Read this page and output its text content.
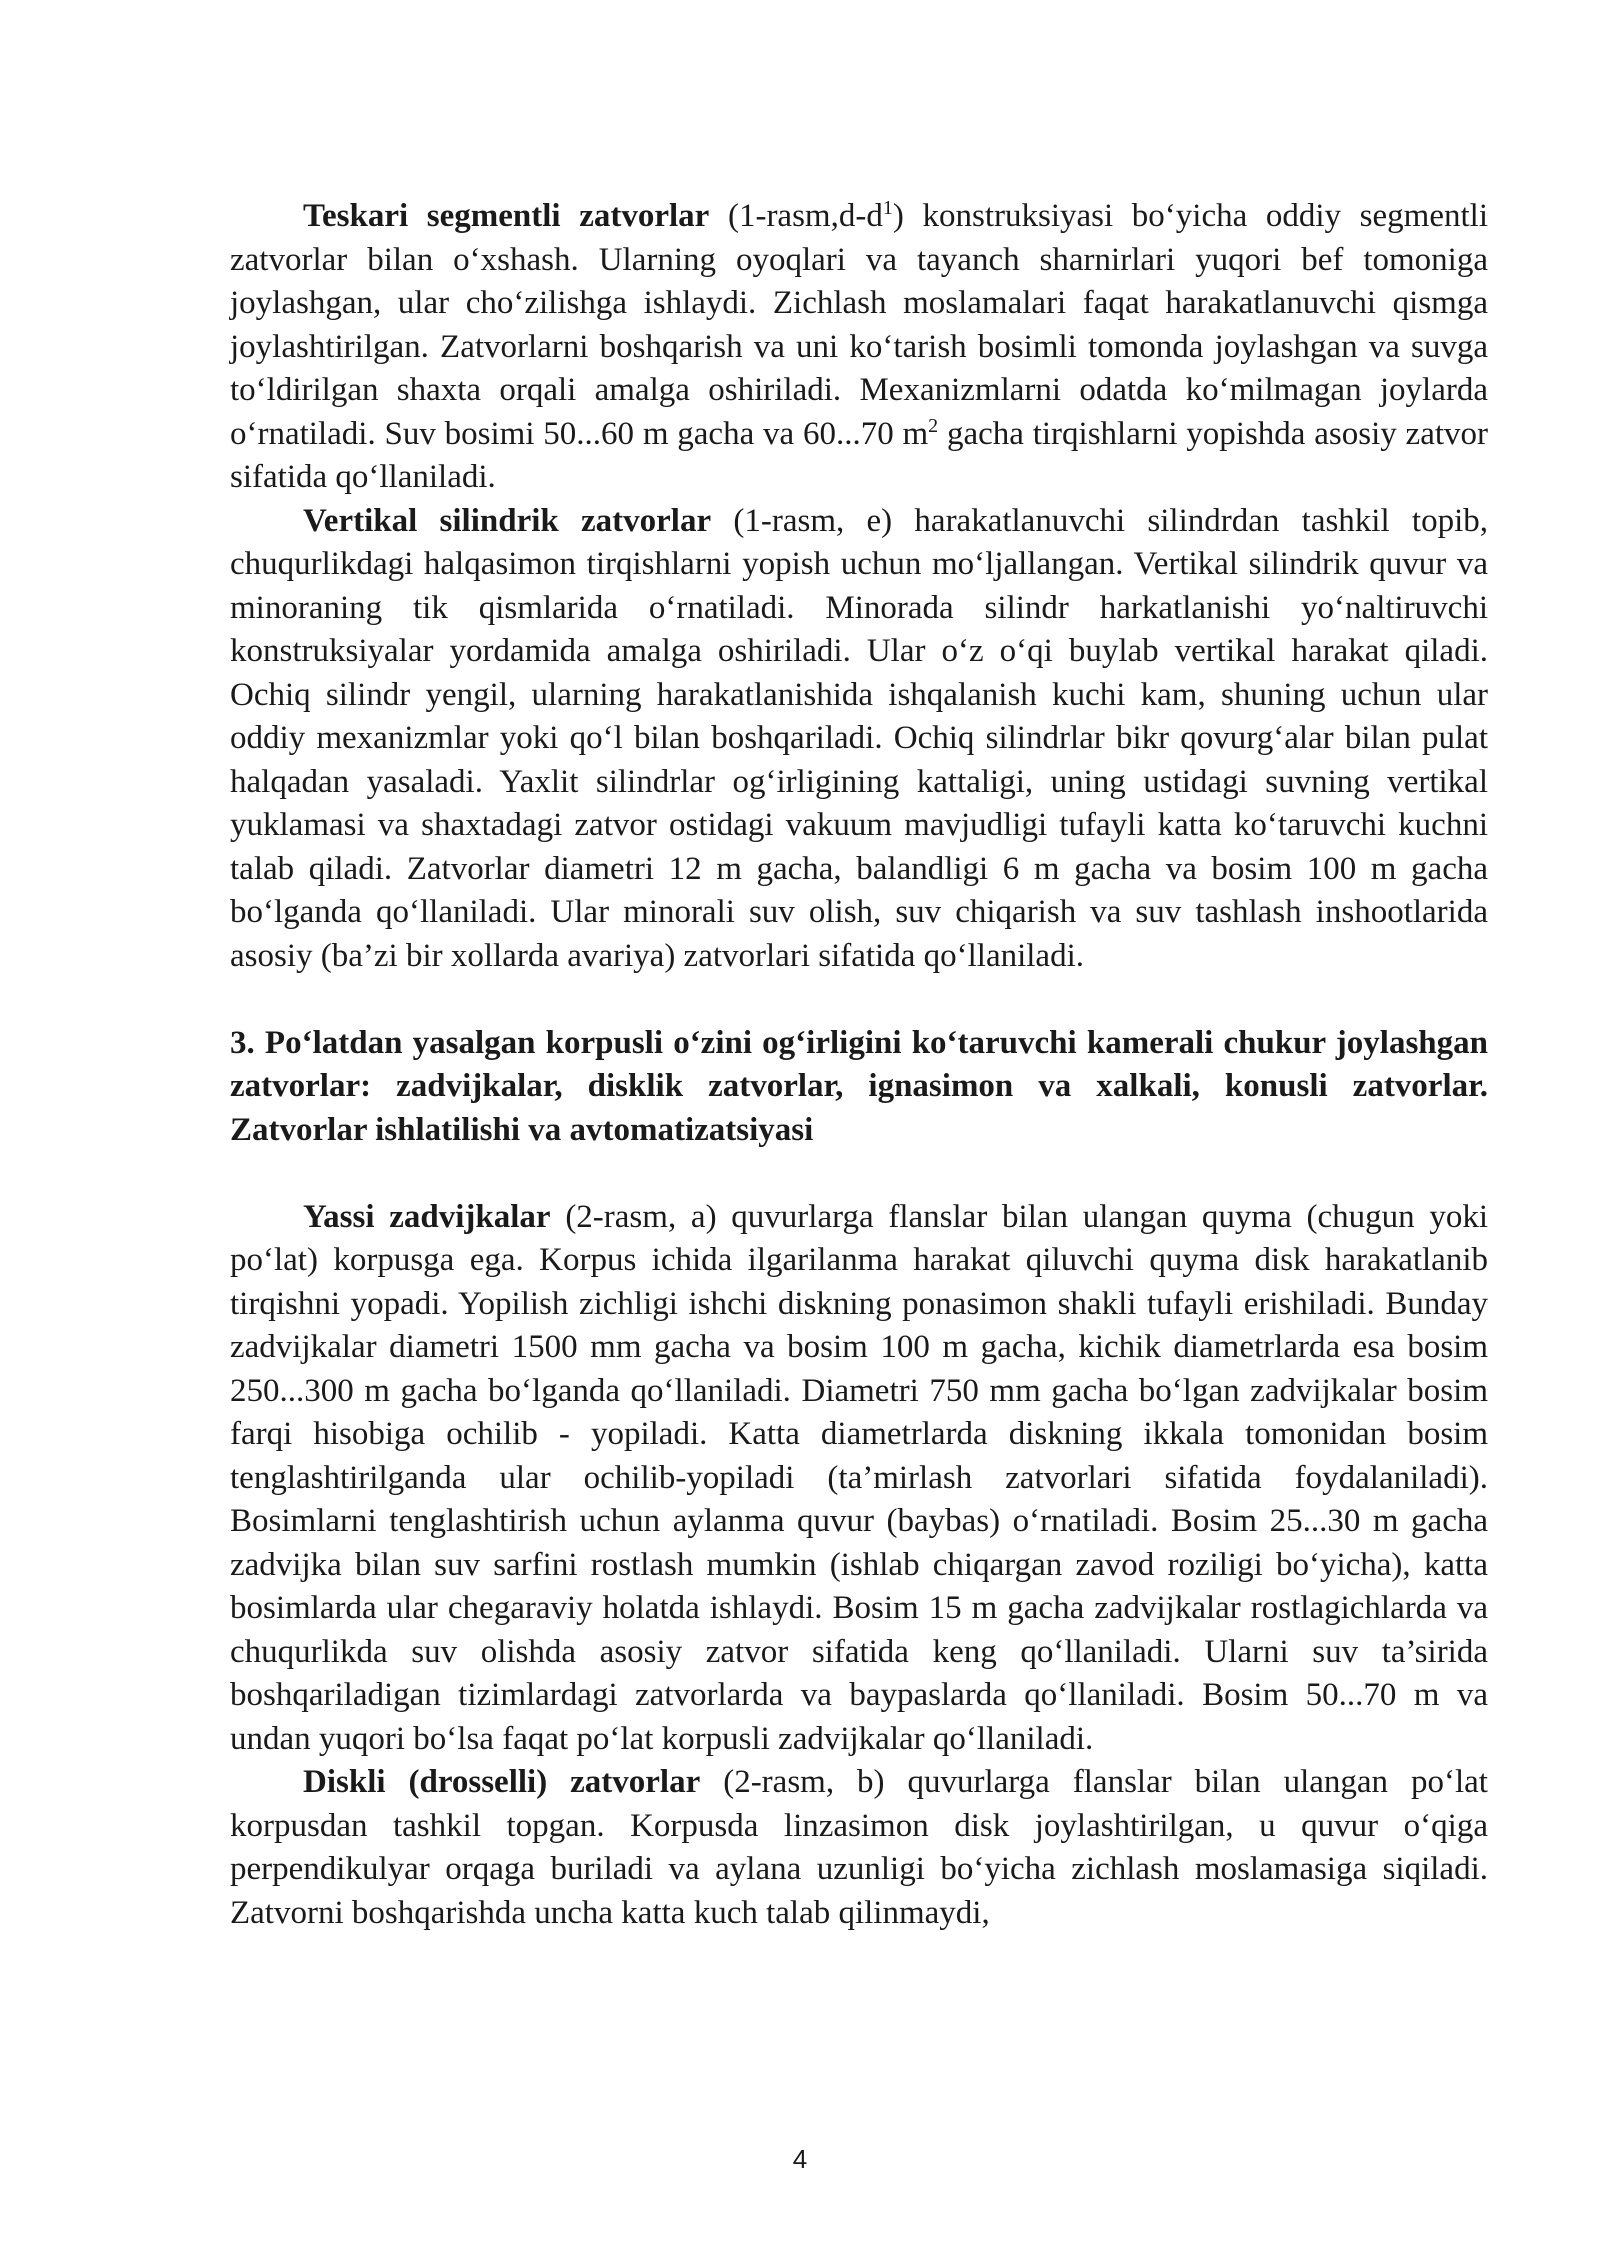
Teskari segmentli zatvorlar $(1-rasm,d-d^1)$ konstruksiyasi bo‘yicha oddiy segmentli zatvorlar bilan o‘xshash. Ularning oyoqlari va tayanch sharnirlari yuqori bef tomoniga joylashgan, ular cho‘zilishga ishlaydi. Zichlash moslamalari faqat harakatlanuvchi qismga joylashtirilgan. Zatvorlarni boshqarish va uni ko‘tarish bosimli tomonda joylashgan va suvga to‘ldirilgan shaxta orqali amalga oshiriladi. Mexanizmlarni odatda ko‘milmagan joylarda o‘rnatiladi. Suv bosimi 50...60 m gacha va 60...70 $m^2$ gacha tirqishlarni yopishda asosiy zatvor sifatida qo‘llaniladi.

Vertikal silindrik zatvorlar (1-rasm, e) harakatlanuvchi silindrdan tashkil topib, chuqurlikdagi halqasimon tirqishlarni yopish uchun mo‘ljallangan. Vertikal silindrik quvur va minoraning tik qismlarida o‘rnatiladi. Minorada silindr harkatlanishi yo‘naltiruvchi konstruksiyalar yordamida amalga oshiriladi. Ular o‘z o‘qi buylab vertikal harakat qiladi. Ochiq silindr yengil, ularning harakatlanishida ishqalanish kuchi kam, shuning uchun ular oddiy mexanizmlar yoki qo‘l bilan boshqariladi. Ochiq silindrlar bikr qovurg‘alar bilan pulat halqadan yasaladi. Yaxlit silindrlar og‘irligining kattaligi, uning ustidagi suvning vertikal yuklamasi va shaxtadagi zatvor ostidagi vakuum mavjudligi tufayli katta ko‘taruvchi kuchni talab qiladi. Zatvorlar diametri 12 m gacha, balandligi 6 m gacha va bosim 100 m gacha bo‘lganda qo‘llaniladi. Ular minorali suv olish, suv chiqarish va suv tashlash inshootlarida asosiy (ba’zi bir xollarda avariya) zatvorlari sifatida qo‘llaniladi.

3. Po‘latdan yasalgan korpusli o‘zini og‘irligini ko‘taruvchi kamerali chukur joylashgan zatvorlar: zadvijkalar, disklik zatvorlar, ignasimon va xalkali, konusli zatvorlar. Zatvorlar ishlatilishi va avtomatizatsiyasi

Yassi zadvijkalar (2-rasm, a) quvurlarga flanslar bilan ulangan quyma (chugun yoki po‘lat) korpusga ega. Korpus ichida ilgarilanma harakat qiluvchi quyma disk harakatlanib tirqishni yopadi. Yopilish zichligi ishchi diskning ponasimon shakli tufayli erishiladi. Bunday zadvijkalar diametri 1500 mm gacha va bosim 100 m gacha, kichik diametrlarda esa bosim 250...300 m gacha bo‘lganda qo‘llaniladi. Diametri 750 mm gacha bo‘lgan zadvijkalar bosim farqi hisobiga ochilib - yopiladi. Katta diametrlarda diskning ikkala tomonidan bosim tenglashtirilganda ular ochilib-yopiladi (ta’mirlash zatvorlari sifatida foydalaniladi). Bosimlarni tenglashtirish uchun aylanma quvur (baybas) o‘rnatiladi. Bosim 25...30 m gacha zadvijka bilan suv sarfini rostlash mumkin (ishlab chiqargan zavod roziligi bo‘yicha), katta bosimlarda ular chegaraviy holatda ishlaydi. Bosim 15 m gacha zadvijkalar rostlagichlarda va chuqurlikda suv olishda asosiy zatvor sifatida keng qo‘llaniladi. Ularni suv ta’sirida boshqariladigan tizimlardagi zatvorlarda va baypaslarda qo‘llaniladi. Bosim 50...70 m va undan yuqori bo‘lsa faqat po‘lat korpusli zadvijkalar qo‘llaniladi.

Diskli (drosselli) zatvorlar (2-rasm, b) quvurlarga flanslar bilan ulangan po‘lat korpusdan tashkil topgan. Korpusda linzasimon disk joylashtirilgan, u quvur o‘qiga perpendikulyar orqaga buriladi va aylana uzunligi bo‘yicha zichlash moslamasiga siqiladi. Zatvorni boshqarishda uncha katta kuch talab qilinmaydi,

4
